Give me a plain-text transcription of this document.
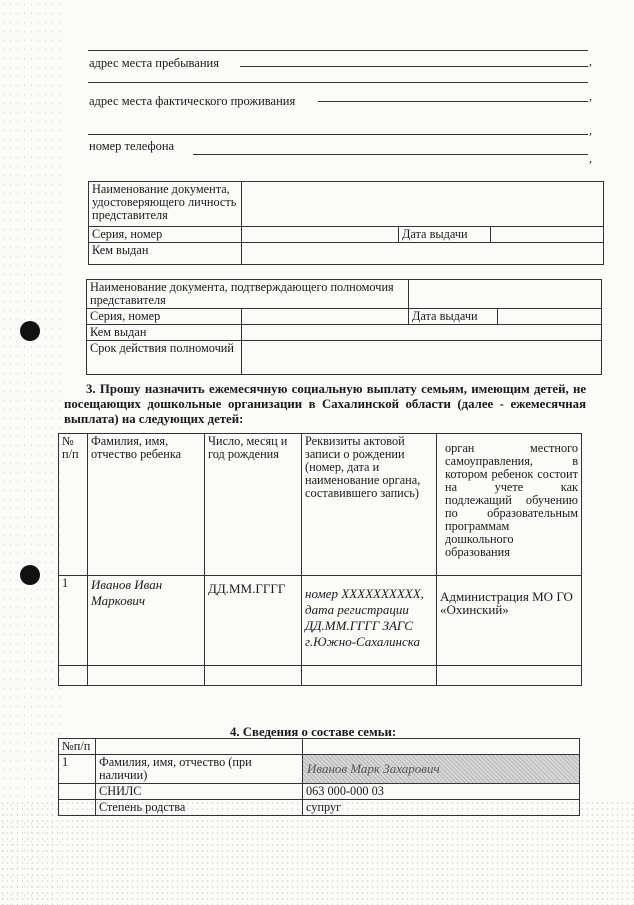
адрес места пребывания	,
адрес места фактического проживания	,
,
номер телефона
,
Наименование документа, удостоверяющего личность представителя			
Серия, номер		Дата выдачи	
Кем выдан			
Наименование документа, подтверждающего полномочия представителя			
Серия, номер		Дата выдачи	
Кем выдан			
Срок действия полномочий			
3. Прошу назначить ежемесячную социальную выплату семьям, имеющим детей, не посещающих дошкольные организации в Сахалинской области (далее - ежемесячная выплата) на следующих детей:
№ п/п	Фамилия, имя, отчество ребенка	Число, месяц и год рождения	Реквизиты актовой записи о рождении (номер, дата и наименование органа, составившего запись)	орган местного самоуправления, в котором ребенок состоит на учете как подлежащий обучению по образовательным программам дошкольного образования
1	Иванов Иван Маркович	ДД.ММ.ГГГГ	номер XXXXXXXXXX, дата регистрации ДД.ММ.ГГГГ ЗАГС г.Южно-Сахалинска	Администрация МО ГО «Охинский»

4. Сведения о составе семьи:
№п/п		
1	Фамилия, имя, отчество (при наличии)	Иванов Марк Захарович

	СНИЛС	063 000-000 03
	Степень родства	супруг
